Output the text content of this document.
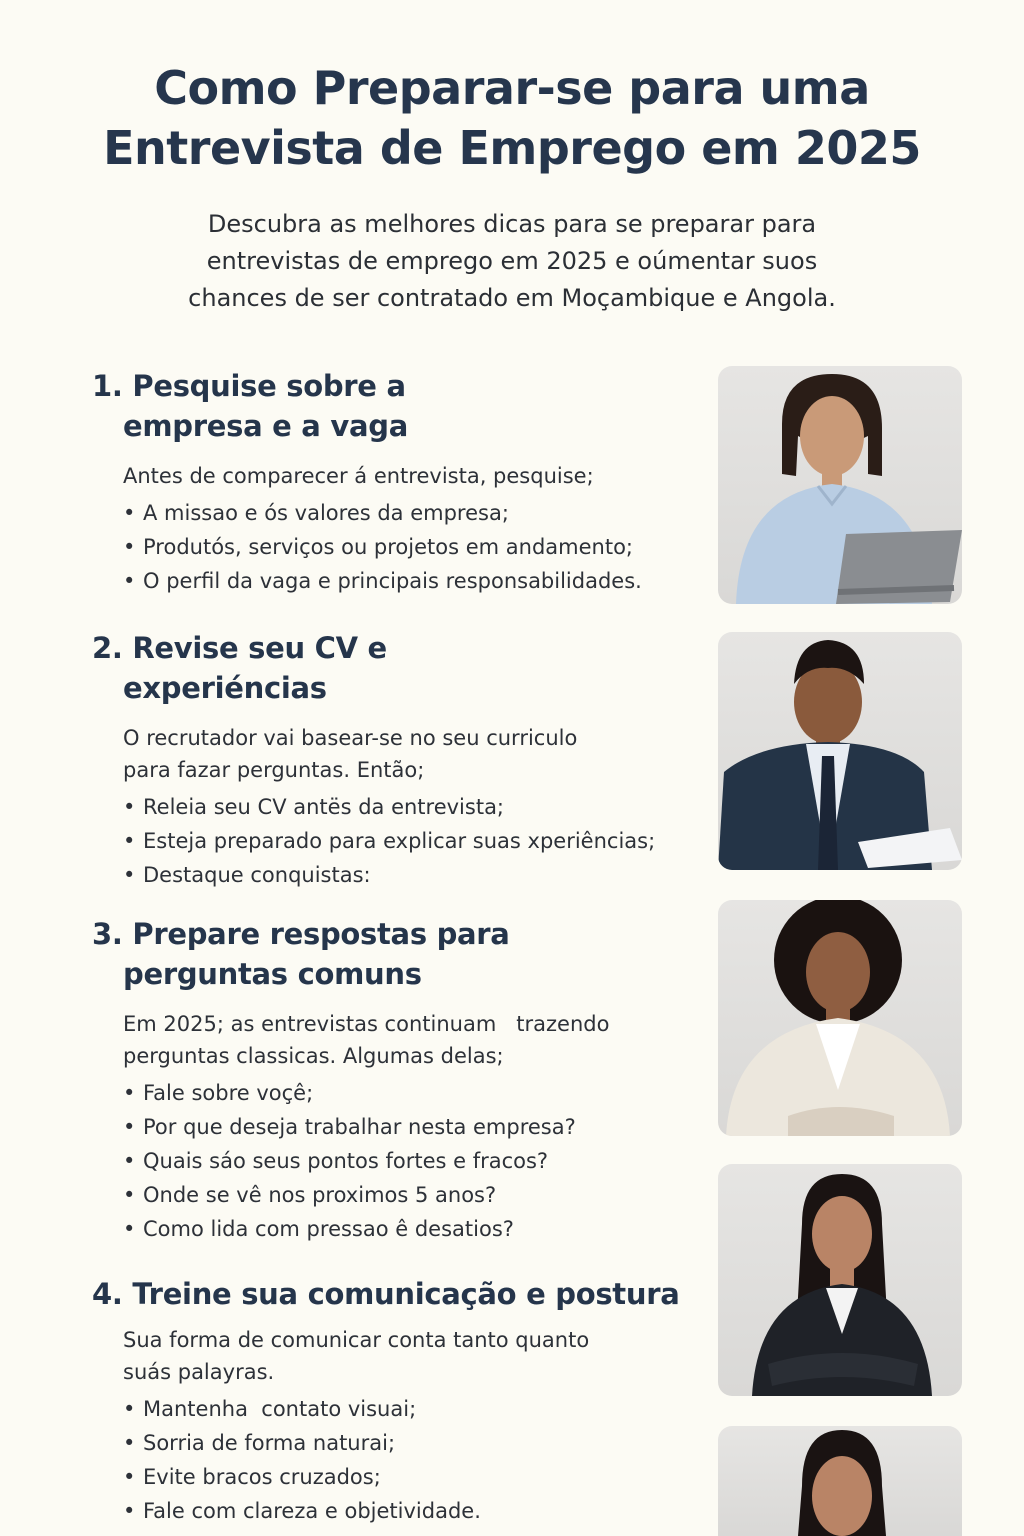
Como Preparar-se para uma
Entrevista de Emprego em 2025

Descubra as melhores dicas para se preparar para
entrevistas de emprego em 2025 e oúmentar suos
chances de ser contratado em Moçambique e Angola.

1. Pesquise sobre a
empresa e a vaga

Antes de comparecer á entrevista, pesquise;

• A missao e ós valores da empresa;
• Produtós, serviços ou projetos em andamento;
• O perfil da vaga e principais responsabilidades.
2. Revise seu CV e
experiéncias

O recrutador vai basear-se no seu curriculo
para fazar perguntas. Então;

• Releia seu CV antës da entrevista;
• Esteja preparado para explicar suas xperiências;
• Destaque conquistas:
3. Prepare respostas para
perguntas comuns

Em 2025; as entrevistas continuam   trazendo
perguntas classicas. Algumas delas;

• Fale sobre voçê;
• Por que deseja trabalhar nesta empresa?
• Quais sáo seus pontos fortes e fracos?
• Onde se vê nos proximos 5 anos?
• Como lida com pressao ê desatios?
4. Treine sua comunicação e postura

Sua forma de comunicar conta tanto quanto
suás palayras.

• Mantenha  contato visuai;
• Sorria de forma naturai;
• Evite bracos cruzados;
• Fale com clareza e objetividade.
